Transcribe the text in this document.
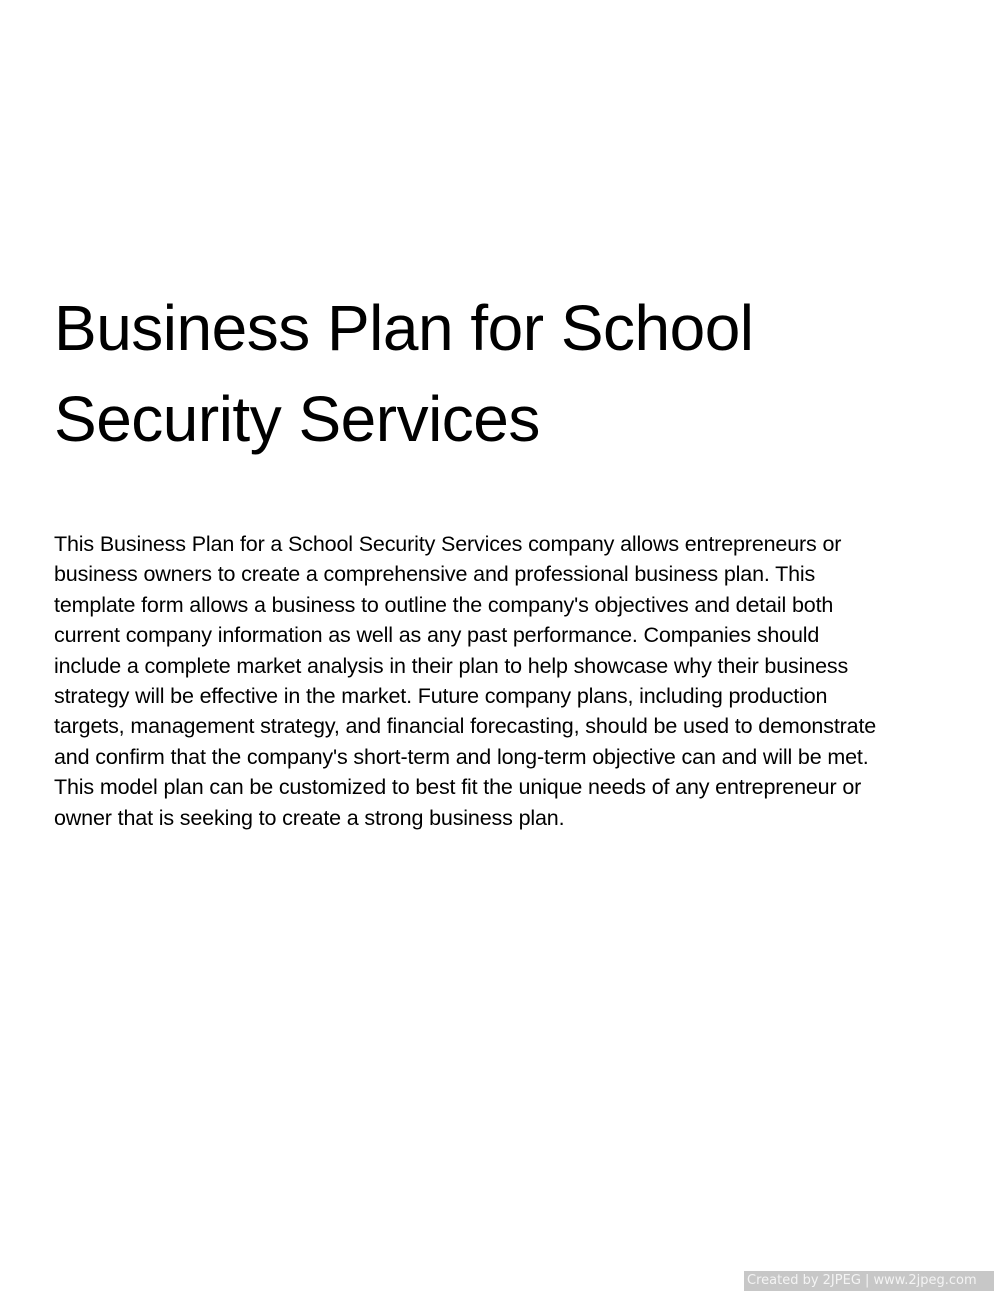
Business Plan for School
Security Services

This Business Plan for a School Security Services company allows entrepreneurs or
business owners to create a comprehensive and professional business plan. This
template form allows a business to outline the company's objectives and detail both
current company information as well as any past performance. Companies should
include a complete market analysis in their plan to help showcase why their business
strategy will be effective in the market. Future company plans, including production
targets, management strategy, and financial forecasting, should be used to demonstrate
and confirm that the company's short-term and long-term objective can and will be met.
This model plan can be customized to best fit the unique needs of any entrepreneur or
owner that is seeking to create a strong business plan.

Created by 2JPEG | www.2jpeg.com
